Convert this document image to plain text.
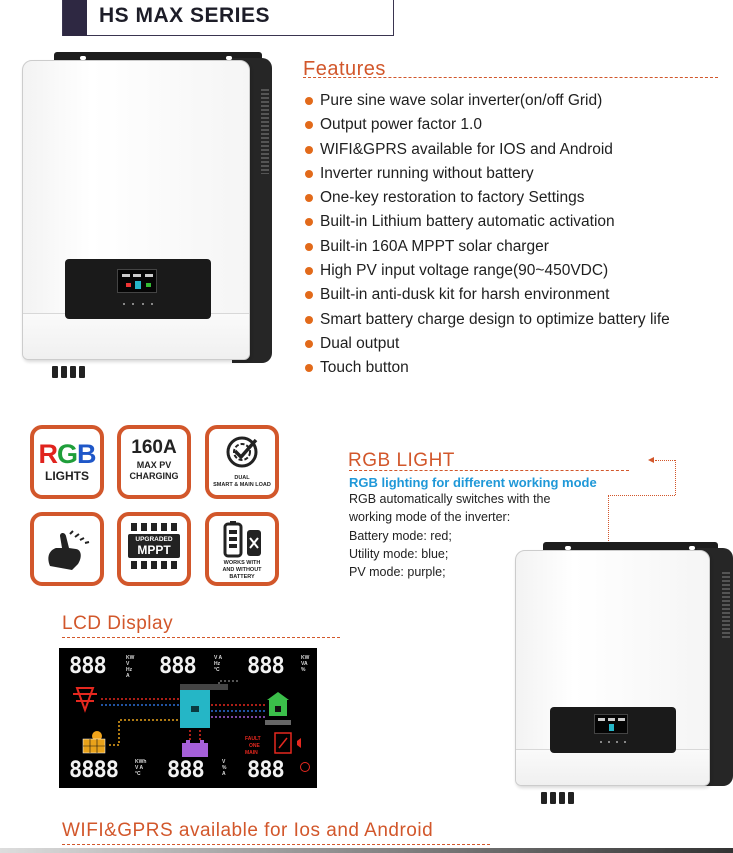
HS MAX SERIES
Features
Pure sine wave solar inverter(on/off Grid)
Output power factor 1.0
WIFI&GPRS available for IOS and Android
Inverter running without battery
One-key restoration to factory Settings
Built-in Lithium battery automatic activation
Built-in 160A MPPT solar charger
High PV input voltage range(90~450VDC)
Built-in anti-dusk kit for harsh environment
Smart battery charge design to optimize battery life
Dual output
Touch button
RGB
LIGHTS
160A
MAX PV
CHARGING	DUAL
SMART & MAIN LOAD
UPGRADED
MPPT
WORKS WITH
AND WITHOUT
BATTERY
RGB LIGHT
RGB lighting for different working mode
RGB automatically switches with the
working mode of the inverter:
Battery mode: red;
Utility mode: blue;
PV mode: purple;
LCD Display
888	KW V Hz A 888	V A Hz °C 888	KW VA %
FAULT
ONE
MAIN
8888	KWh V A °C 888	V % A 888
WIFI&GPRS available for Ios and Android
